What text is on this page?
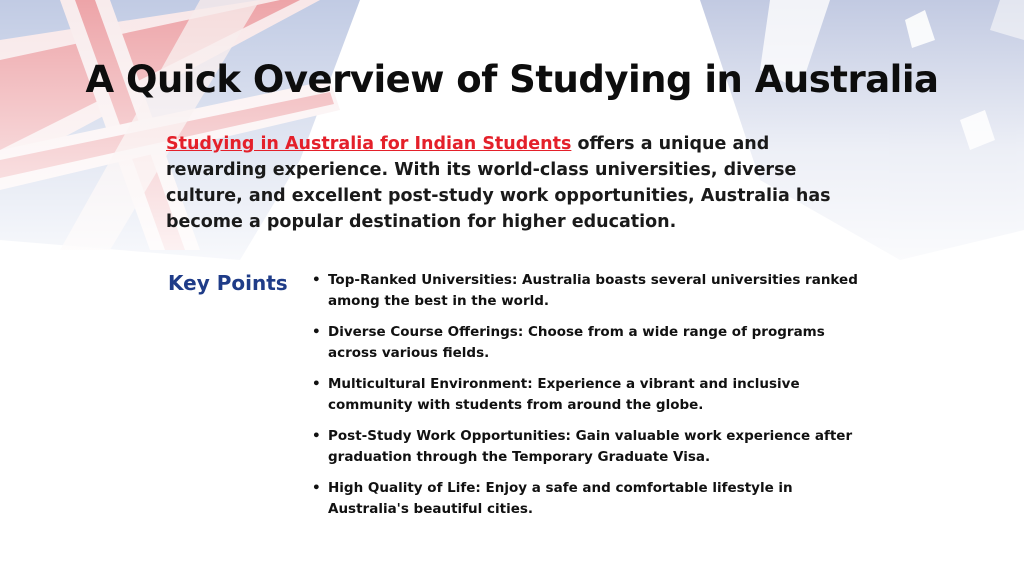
A Quick Overview of Studying in Australia

Studying in Australia for Indian Students offers a unique and rewarding experience. With its world-class universities, diverse culture, and excellent post-study work opportunities, Australia has become a popular destination for higher education.

Key Points • Top-Ranked Universities: Australia boasts several universities ranked among the best in the world.
• Diverse Course Offerings: Choose from a wide range of programs across various fields.
• Multicultural Environment: Experience a vibrant and inclusive community with students from around the globe.
• Post-Study Work Opportunities: Gain valuable work experience after graduation through the Temporary Graduate Visa.
• High Quality of Life: Enjoy a safe and comfortable lifestyle in Australia's beautiful cities.
